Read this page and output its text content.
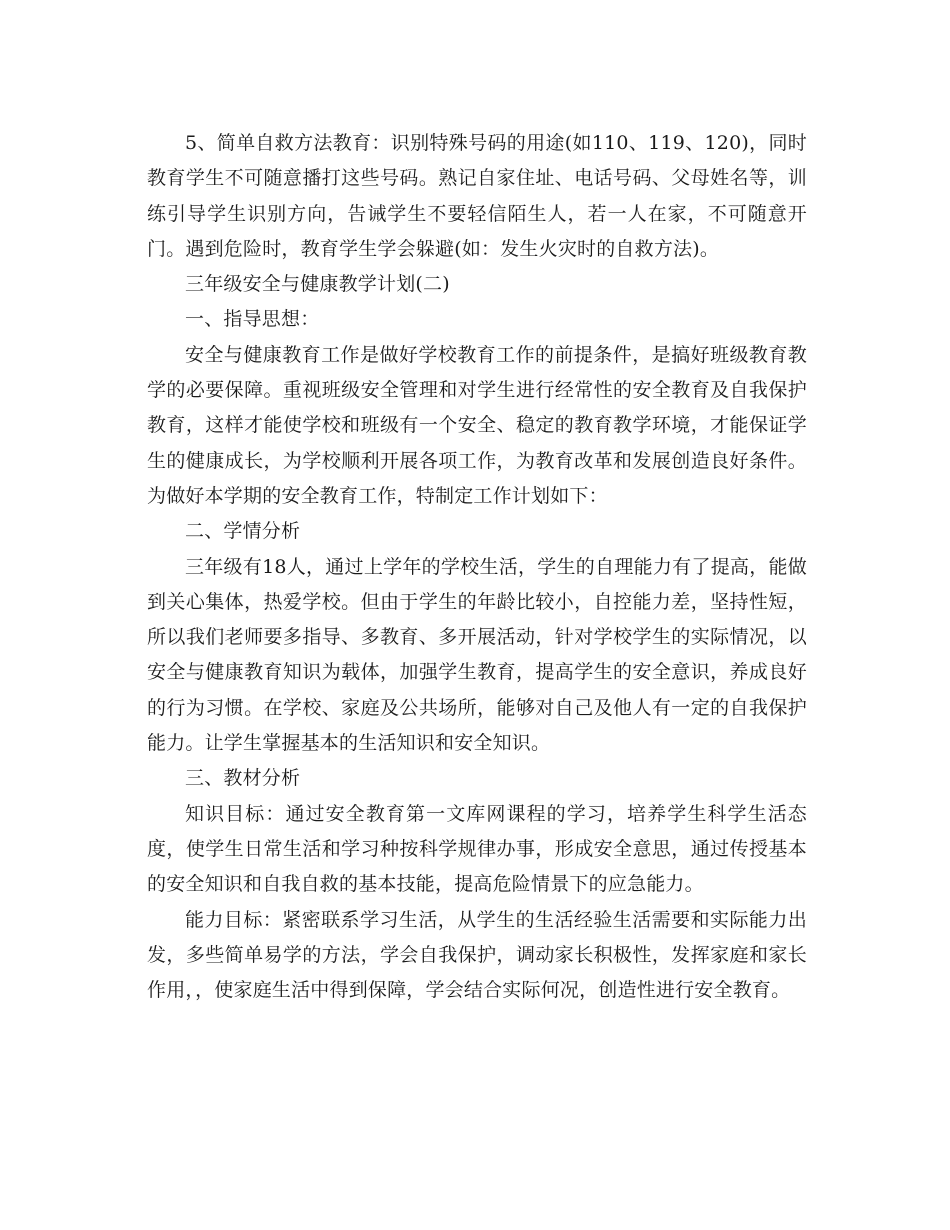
5、简单自救方法教育：识别特殊号码的用途(如110、119、120)，同时教育学生不可随意播打这些号码。熟记自家住址、电话号码、父母姓名等，训练引导学生识别方向，告诫学生不要轻信陌生人，若一人在家，不可随意开门。遇到危险时，教育学生学会躲避(如：发生火灾时的自救方法)。

三年级安全与健康教学计划(二)

一、指导思想：

安全与健康教育工作是做好学校教育工作的前提条件，是搞好班级教育教学的必要保障。重视班级安全管理和对学生进行经常性的安全教育及自我保护教育，这样才能使学校和班级有一个安全、稳定的教育教学环境，才能保证学生的健康成长，为学校顺利开展各项工作，为教育改革和发展创造良好条件。为做好本学期的安全教育工作，特制定工作计划如下：

二、学情分析

三年级有18人，通过上学年的学校生活，学生的自理能力有了提高，能做到关心集体，热爱学校。但由于学生的年龄比较小，自控能力差，坚持性短，所以我们老师要多指导、多教育、多开展活动，针对学校学生的实际情况，以安全与健康教育知识为载体，加强学生教育，提高学生的安全意识，养成良好的行为习惯。在学校、家庭及公共场所，能够对自己及他人有一定的自我保护能力。让学生掌握基本的生活知识和安全知识。

三、教材分析

知识目标：通过安全教育第一文库网课程的学习，培养学生科学生活态度，使学生日常生活和学习种按科学规律办事，形成安全意思，通过传授基本的安全知识和自我自救的基本技能，提高危险情景下的应急能力。

能力目标：紧密联系学习生活，从学生的生活经验生活需要和实际能力出发，多些简单易学的方法，学会自我保护，调动家长积极性，发挥家庭和家长作用，，使家庭生活中得到保障，学会结合实际何况，创造性进行安全教育。
